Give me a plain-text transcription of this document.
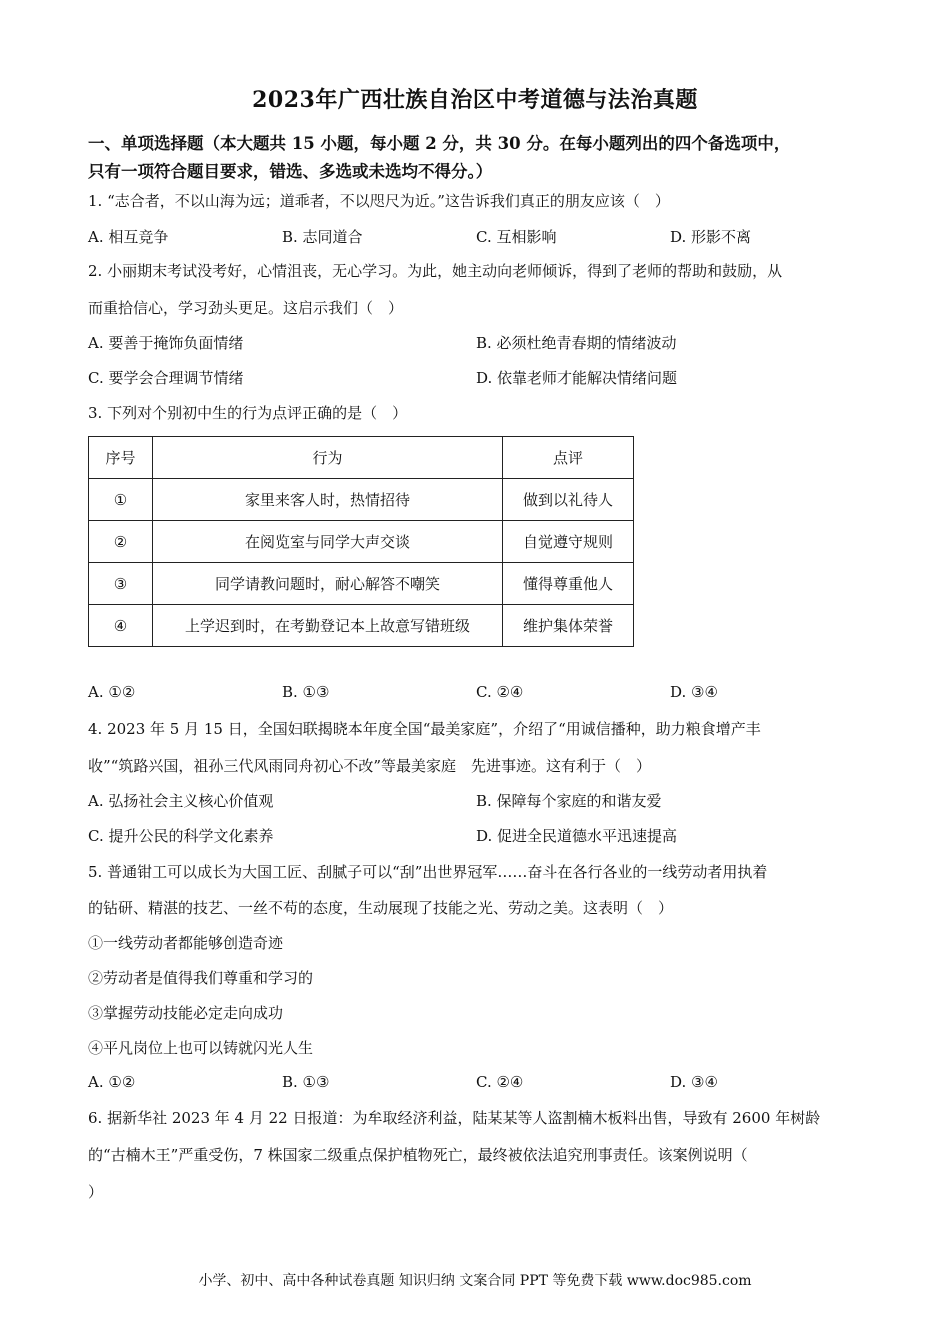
2023年广西壮族自治区中考道德与法治真题
一、单项选择题（本大题共 15 小题，每小题 2 分，共 30 分。在每小题列出的四个备选项中，
只有一项符合题目要求，错选、多选或未选均不得分。）
1. “志合者，不以山海为远；道乖者，不以咫尺为近。”这告诉我们真正的朋友应该（　）
A. 相互竞争	B. 志同道合	C. 互相影响	D. 形影不离
2. 小丽期末考试没考好，心情沮丧，无心学习。为此，她主动向老师倾诉，得到了老师的帮助和鼓励，从
而重拾信心，学习劲头更足。这启示我们（　）
A. 要善于掩饰负面情绪	B. 必须杜绝青春期的情绪波动
C. 要学会合理调节情绪	D. 依靠老师才能解决情绪问题
3. 下列对个别初中生的行为点评正确的是（　）
序号	行为	点评
①	家里来客人时，热情招待	做到以礼待人
②	在阅览室与同学大声交谈	自觉遵守规则
③	同学请教问题时，耐心解答不嘲笑	懂得尊重他人
④	上学迟到时，在考勤登记本上故意写错班级	维护集体荣誉
A. ①②	B. ①③	C. ②④	D. ③④
4. 2023 年 5 月 15 日，全国妇联揭晓本年度全国“最美家庭”，介绍了“用诚信播种，助力粮食增产丰
收”“筑路兴国，祖孙三代风雨同舟初心不改”等最美家庭　先进事迹。这有利于（　）
A. 弘扬社会主义核心价值观	B. 保障每个家庭的和谐友爱
C. 提升公民的科学文化素养	D. 促进全民道德水平迅速提高
5. 普通钳工可以成长为大国工匠、刮腻子可以“刮”出世界冠军……奋斗在各行各业的一线劳动者用执着
的钻研、精湛的技艺、一丝不苟的态度，生动展现了技能之光、劳动之美。这表明（　）
①一线劳动者都能够创造奇迹
②劳动者是值得我们尊重和学习的
③掌握劳动技能必定走向成功
④平凡岗位上也可以铸就闪光人生
A. ①②	B. ①③	C. ②④	D. ③④
6. 据新华社 2023 年 4 月 22 日报道：为牟取经济利益，陆某某等人盗割楠木板料出售，导致有 2600 年树龄
的“古楠木王”严重受伤，7 株国家二级重点保护植物死亡，最终被依法追究刑事责任。该案例说明（
）
小学、初中、高中各种试卷真题 知识归纳 文案合同 PPT 等免费下载 www.doc985.com
